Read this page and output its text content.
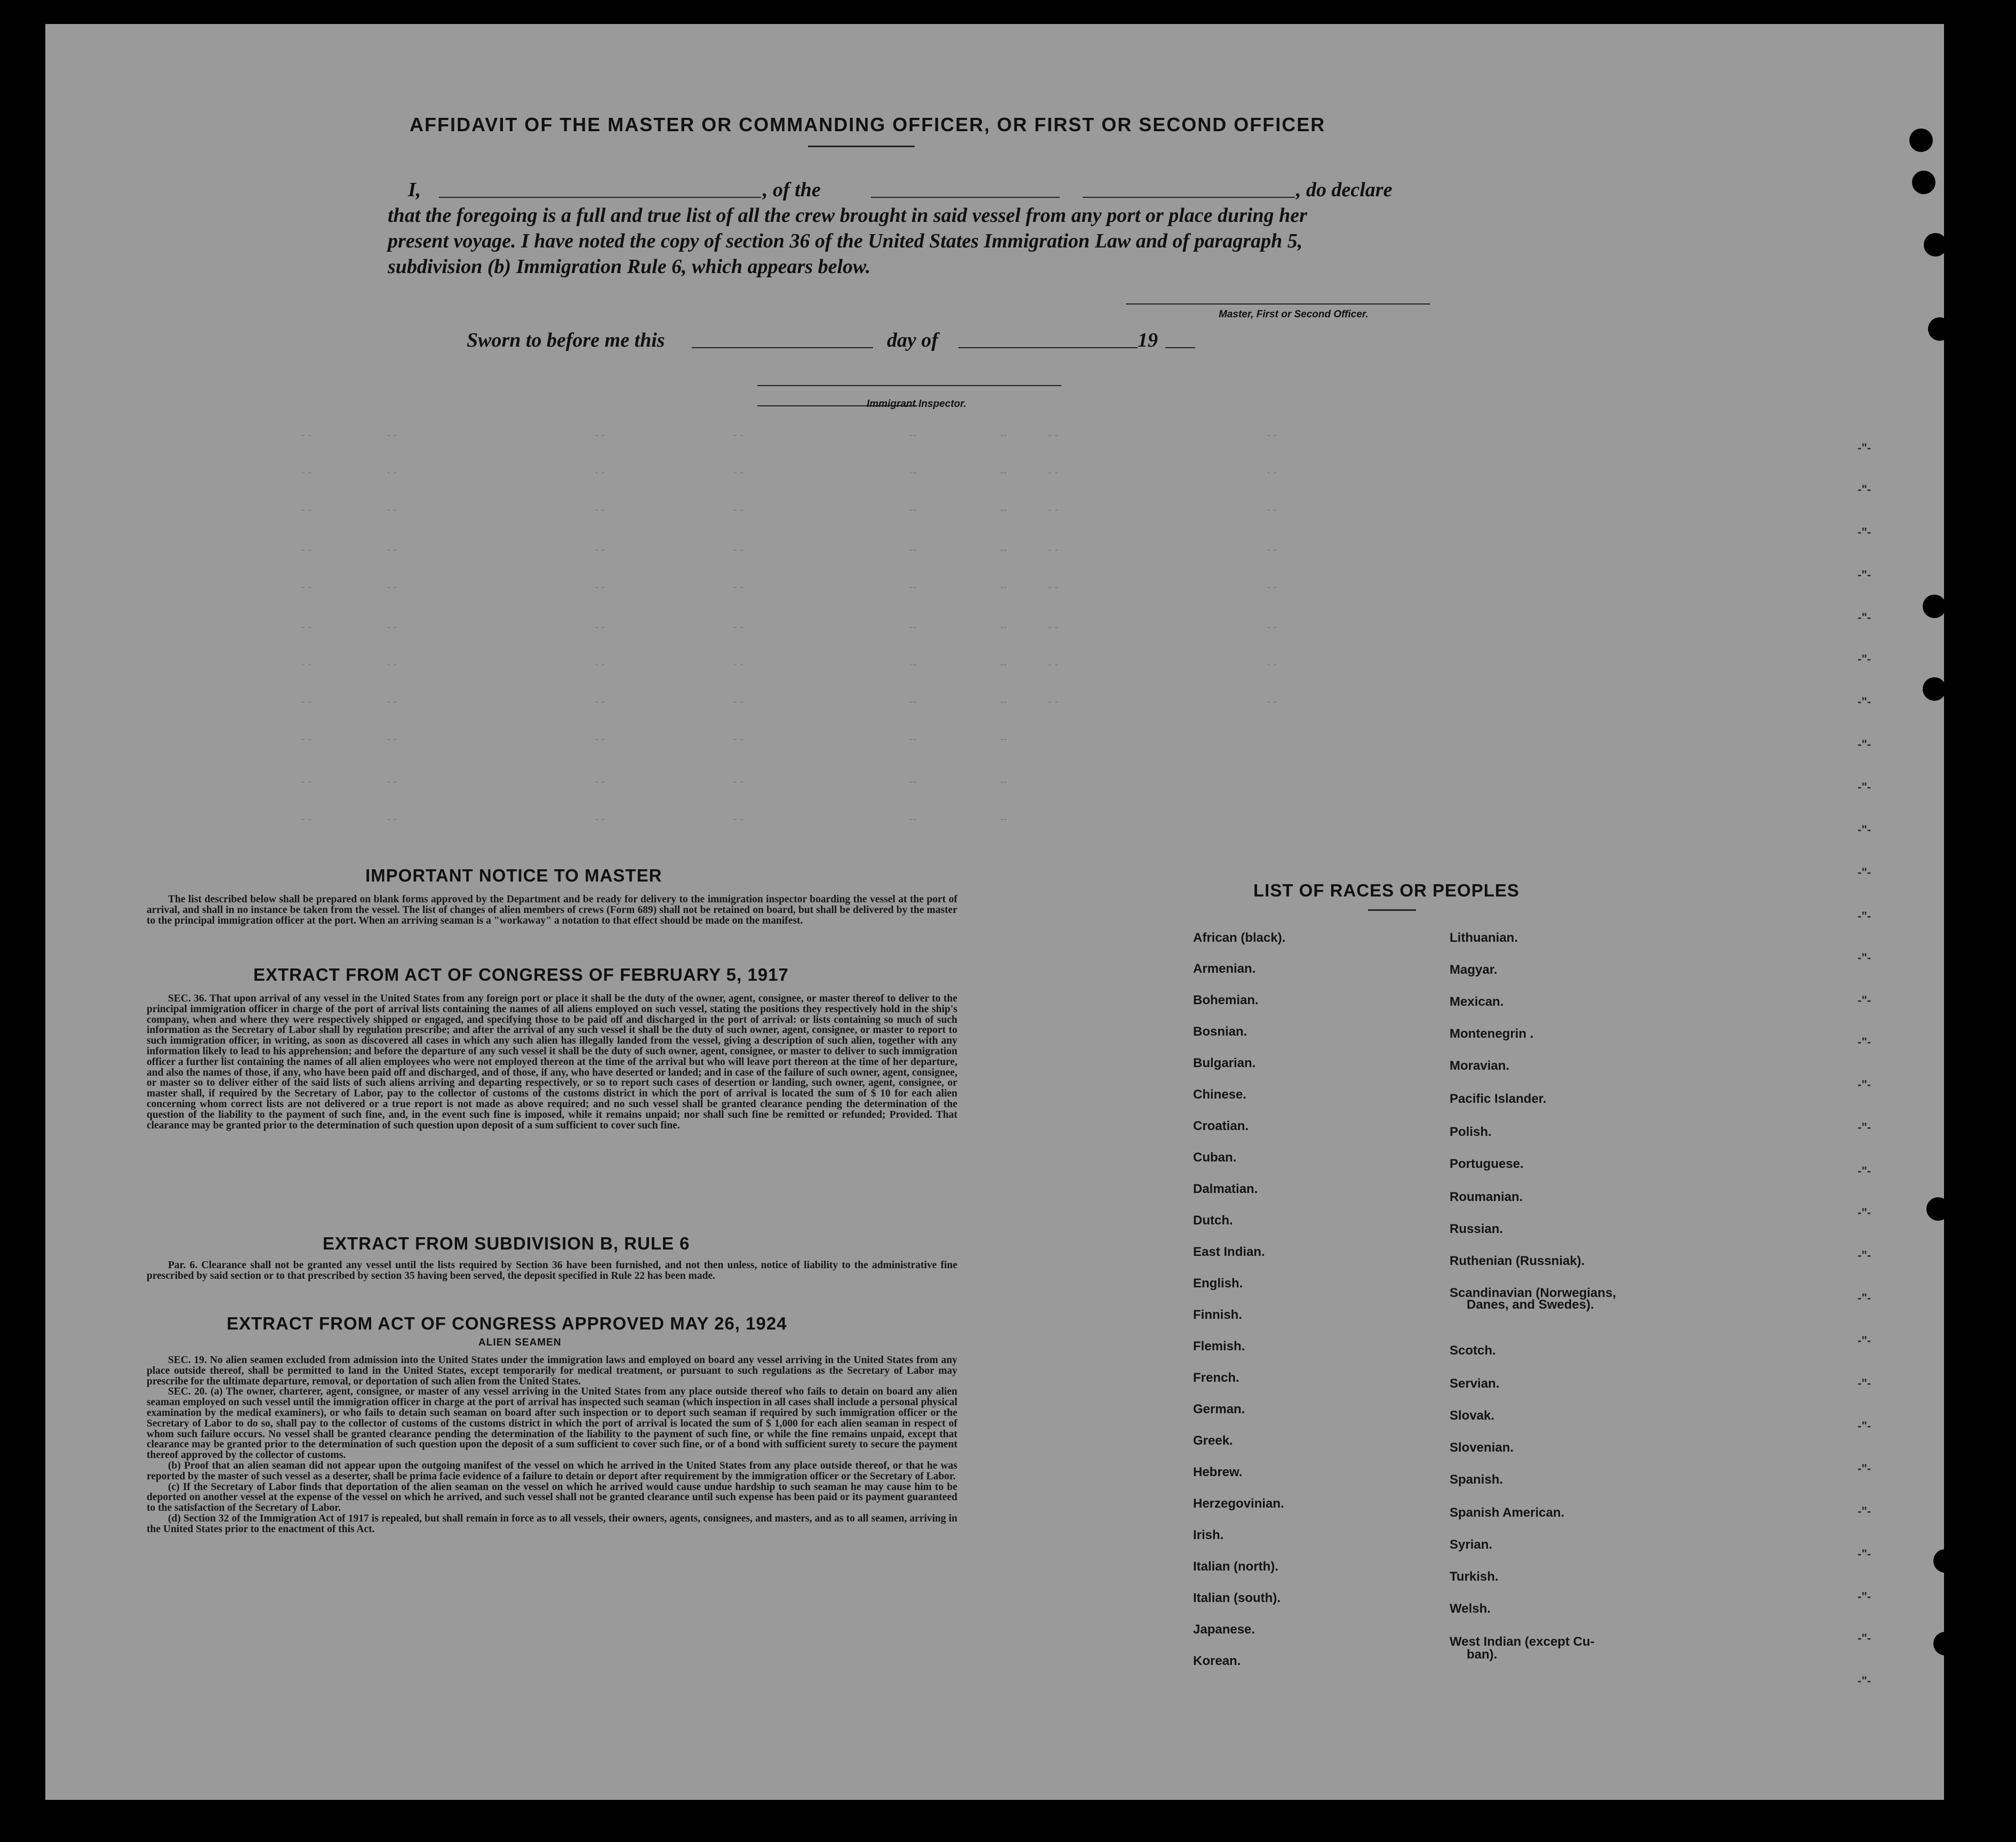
AFFIDAVIT OF THE MASTER OR COMMANDING OFFICER, OR FIRST OR SECOND OFFICER
I,	, of the	, do declare
that the foregoing is a full and true list of all the crew brought in said vessel from any port or place during her
present voyage. I have noted the copy of section 36 of the United States Immigration Law and of paragraph 5,
subdivision (b) Immigration Rule 6, which appears below.
Master, First or Second Officer.
Sworn to before me this	day of	19
Immigrant Inspector.
IMPORTANT NOTICE TO MASTER

The list described below shall be prepared on blank forms approved by the Department and be ready for delivery to the immigration inspector boarding the vessel at the port of arrival, and shall in no instance be taken from the vessel. The list of changes of alien members of crews (Form 689) shall not be retained on board, but shall be delivered by the master to the principal immigration officer at the port. When an arriving seaman is a "workaway" a notation to that effect should be made on the manifest.

EXTRACT FROM ACT OF CONGRESS OF FEBRUARY 5, 1917

SEC. 36. That upon arrival of any vessel in the United States from any foreign port or place it shall be the duty of the owner, agent, consignee, or master thereof to deliver to the principal immigration officer in charge of the port of arrival lists containing the names of all aliens employed on such vessel, stating the positions they respectively hold in the ship's company, when and where they were respectively shipped or engaged, and specifying those to be paid off and discharged in the port of arrival: or lists containing so much of such information as the Secretary of Labor shall by regulation prescribe; and after the arrival of any such vessel it shall be the duty of such owner, agent, consignee, or master to report to such immigration officer, in writing, as soon as discovered all cases in which any such alien has illegally landed from the vessel, giving a description of such alien, together with any information likely to lead to his apprehension; and before the departure of any such vessel it shall be the duty of such owner, agent, consignee, or master to deliver to such immigration officer a further list containing the names of all alien employees who were not employed thereon at the time of the arrival but who will leave port thereon at the time of her departure, and also the names of those, if any, who have been paid off and discharged, and of those, if any, who have deserted or landed; and in case of the failure of such owner, agent, consignee, or master so to deliver either of the said lists of such aliens arriving and departing respectively, or so to report such cases of desertion or landing, such owner, agent, consignee, or master shall, if required by the Secretary of Labor, pay to the collector of customs of the customs district in which the port of arrival is located the sum of $ 10 for each alien concerning whom correct lists are not delivered or a true report is not made as above required; and no such vessel shall be granted clearance pending the determination of the question of the liability to the payment of such fine, and, in the event such fine is imposed, while it remains unpaid; nor shall such fine be remitted or refunded; Provided. That clearance may be granted prior to the determination of such question upon deposit of a sum sufficient to cover such fine.

EXTRACT FROM SUBDIVISION B, RULE 6

Par. 6. Clearance shall not be granted any vessel until the lists required by Section 36 have been furnished, and not then unless, notice of liability to the administrative fine prescribed by said section or to that prescribed by section 35 having been served, the deposit specified in Rule 22 has been made.

EXTRACT FROM ACT OF CONGRESS APPROVED MAY 26, 1924
ALIEN SEAMEN

SEC. 19. No alien seamen excluded from admission into the United States under the immigration laws and employed on board any vessel arriving in the United States from any place outside thereof, shall be permitted to land in the United States, except temporarily for medical treatment, or pursuant to such regulations as the Secretary of Labor may prescribe for the ultimate departure, removal, or deportation of such alien from the United States.

SEC. 20. (a) The owner, charterer, agent, consignee, or master of any vessel arriving in the United States from any place outside thereof who fails to detain on board any alien seaman employed on such vessel until the immigration officer in charge at the port of arrival has inspected such seaman (which inspection in all cases shall include a personal physical examination by the medical examiners), or who fails to detain such seaman on board after such inspection or to deport such seaman if required by such immigration officer or the Secretary of Labor to do so, shall pay to the collector of customs of the customs district in which the port of arrival is located the sum of $ 1,000 for each alien seaman in respect of whom such failure occurs. No vessel shall be granted clearance pending the determination of the liability to the payment of such fine, or while the fine remains unpaid, except that clearance may be granted prior to the determination of such question upon the deposit of a sum sufficient to cover such fine, or of a bond with sufficient surety to secure the payment thereof approved by the collector of customs.

(b) Proof that an alien seaman did not appear upon the outgoing manifest of the vessel on which he arrived in the United States from any place outside thereof, or that he was reported by the master of such vessel as a deserter, shall be prima facie evidence of a failure to detain or deport after requirement by the immigration officer or the Secretary of Labor.

(c) If the Secretary of Labor finds that deportation of the alien seaman on the vessel on which he arrived would cause undue hardship to such seaman he may cause him to be deported on another vessel at the expense of the vessel on which he arrived, and such vessel shall not be granted clearance until such expense has been paid or its payment guaranteed to the satisfaction of the Secretary of Labor.

(d) Section 32 of the Immigration Act of 1917 is repealed, but shall remain in force as to all vessels, their owners, agents, consignees, and masters, and as to all seamen, arriving in the United States prior to the enactment of this Act.

LIST OF RACES OR PEOPLES
African (black).
Armenian.
Bohemian.
Bosnian.
Bulgarian.
Chinese.
Croatian.
Cuban.
Dalmatian.
Dutch.
East Indian.
English.
Finnish.
Flemish.
French.
German.
Greek.
Hebrew.
Herzegovinian.
Irish.
Italian (north).
Italian (south).
Japanese.
Korean.
Lithuanian.
Magyar.
Mexican.
Montenegrin .
Moravian.
Pacific Islander.
Polish.
Portuguese.
Roumanian.
Russian.
Ruthenian (Russniak).
Scandinavian (Norwegians,
Danes, and Swedes).
Scotch.
Servian.
Slovak.
Slovenian.
Spanish.
Spanish American.
Syrian.
Turkish.
Welsh.
West Indian (except Cu-
ban).
- -	- -	- -	- -	- -	- -
--	--
- -	- -	- -	- -	- -	- -
--	--
- -	- -	- -	- -	- -	- -
--	--
- -	- -	- -	- -	- -	- -
--	--
- -	- -	- -	- -	- -	- -
--	--
- -	- -	- -	- -	- -	- -
--	--
- -	- -	- -	- -	- -	- -
--	--
- -	- -	- -	- -	- -	- -
--	--
- -	- -	- -	- -	--	--
- -	- -	- -	- -	--	--
- -	- -	- -	- -	--	--
-"-
-"-
-"-
-"-
-"-
-"-
-"-
-"-
-"-
-"-
-"-
-"-
-"-
-"-
-"-
-"-
-"-
-"-
-"-
-"-
-"-
-"-
-"-
-"-
-"-
-"-
-"-
-"-
-"-
-"-
